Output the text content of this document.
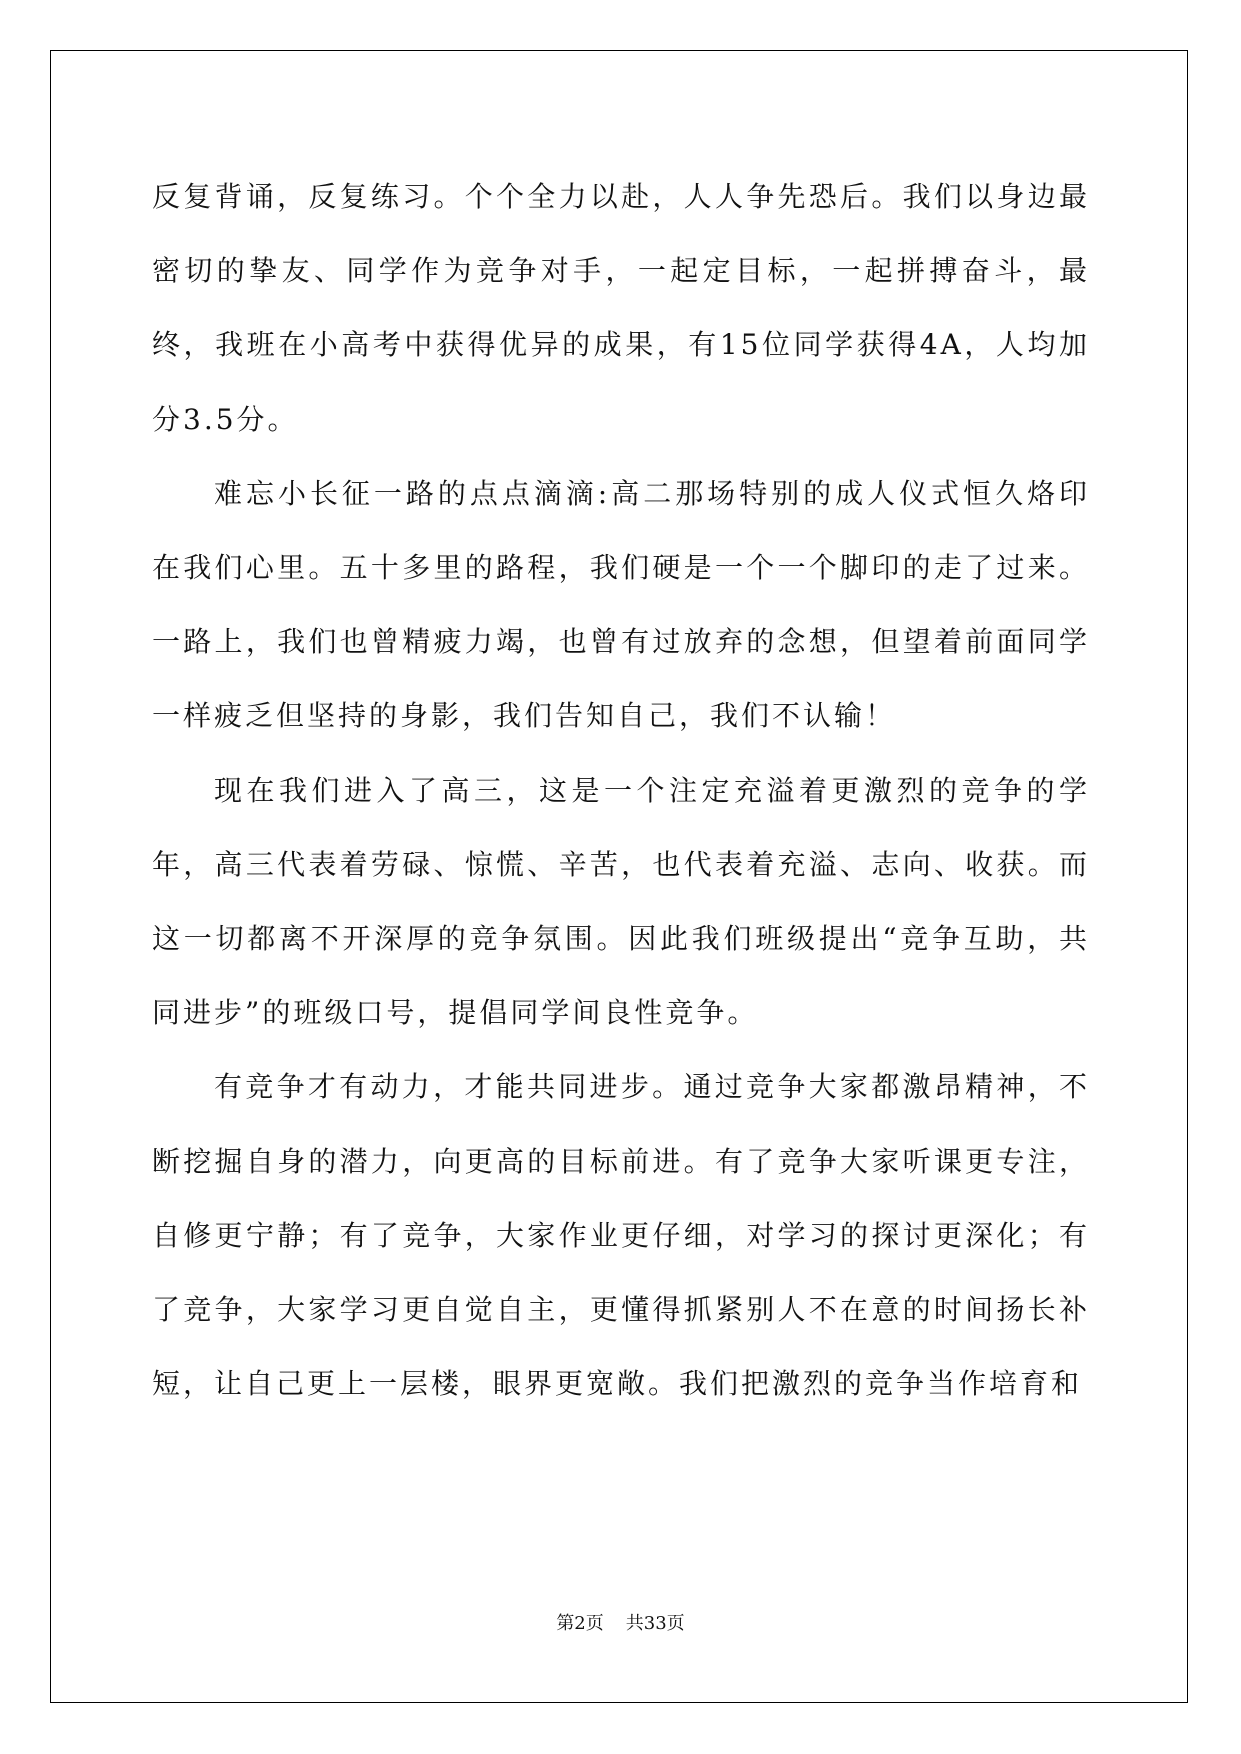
反复背诵，反复练习。个个全力以赴，人人争先恐后。我们以身边最密切的挚友、同学作为竞争对手，一起定目标，一起拼搏奋斗，最终，我班在小高考中获得优异的成果，有15位同学获得4A，人均加分3.5分。

难忘小长征一路的点点滴滴:高二那场特别的成人仪式恒久烙印在我们心里。五十多里的路程，我们硬是一个一个脚印的走了过来。一路上，我们也曾精疲力竭，也曾有过放弃的念想，但望着前面同学一样疲乏但坚持的身影，我们告知自己，我们不认输！

现在我们进入了高三，这是一个注定充溢着更激烈的竞争的学年，高三代表着劳碌、惊慌、辛苦，也代表着充溢、志向、收获。而这一切都离不开深厚的竞争氛围。因此我们班级提出“竞争互助，共同进步”的班级口号，提倡同学间良性竞争。

有竞争才有动力，才能共同进步。通过竞争大家都激昂精神，不断挖掘自身的潜力，向更高的目标前进。有了竞争大家听课更专注，自修更宁静；有了竞争，大家作业更仔细，对学习的探讨更深化；有了竞争，大家学习更自觉自主，更懂得抓紧别人不在意的时间扬长补短，让自己更上一层楼，眼界更宽敞。我们把激烈的竞争当作培育和

第2页 共33页
